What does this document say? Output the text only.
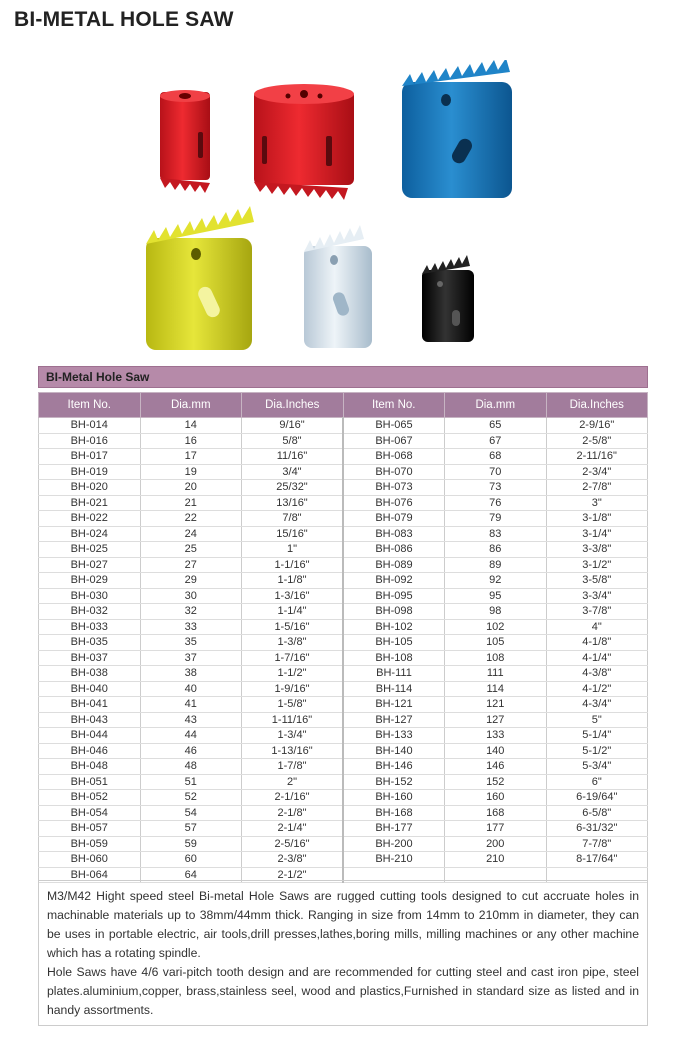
BI-METAL HOLE SAW
BI-Metal Hole Saw
Item No.	Dia.mm	Dia.Inches	Item No.	Dia.mm	Dia.Inches
BH-014	14	9/16"	BH-065	65	2-9/16"
BH-016	16	5/8"	BH-067	67	2-5/8"
BH-017	17	11/16"	BH-068	68	2-11/16"
BH-019	19	3/4"	BH-070	70	2-3/4"
BH-020	20	25/32"	BH-073	73	2-7/8"
BH-021	21	13/16"	BH-076	76	3"
BH-022	22	7/8"	BH-079	79	3-1/8"
BH-024	24	15/16"	BH-083	83	3-1/4"
BH-025	25	1"	BH-086	86	3-3/8"
BH-027	27	1-1/16"	BH-089	89	3-1/2"
BH-029	29	1-1/8"	BH-092	92	3-5/8"
BH-030	30	1-3/16"	BH-095	95	3-3/4"
BH-032	32	1-1/4"	BH-098	98	3-7/8"
BH-033	33	1-5/16"	BH-102	102	4"
BH-035	35	1-3/8"	BH-105	105	4-1/8"
BH-037	37	1-7/16"	BH-108	108	4-1/4"
BH-038	38	1-1/2"	BH-111	111	4-3/8"
BH-040	40	1-9/16"	BH-114	114	4-1/2"
BH-041	41	1-5/8"	BH-121	121	4-3/4"
BH-043	43	1-11/16"	BH-127	127	5"
BH-044	44	1-3/4"	BH-133	133	5-1/4"
BH-046	46	1-13/16"	BH-140	140	5-1/2"
BH-048	48	1-7/8"	BH-146	146	5-3/4"
BH-051	51	2"	BH-152	152	6"
BH-052	52	2-1/16"	BH-160	160	6-19/64"
BH-054	54	2-1/8"	BH-168	168	6-5/8"
BH-057	57	2-1/4"	BH-177	177	6-31/32"
BH-059	59	2-5/16"	BH-200	200	7-7/8"
BH-060	60	2-3/8"	BH-210	210	8-17/64"
BH-064	64	2-1/2"			

M3/M42 Hight speed steel Bi-metal Hole Saws are rugged cutting tools designed to cut accruate holes in machinable materials up to 38mm/44mm thick. Ranging in size from 14mm to 210mm in diameter, they can be uses in portable electric, air tools,drill presses,lathes,boring mills, milling machines or any other machine which has a rotating spindle.

Hole Saws have 4/6 vari-pitch tooth design and are recommended for cutting steel and cast iron pipe, steel plates.aluminium,copper, brass,stainless seel, wood and plastics,Furnished in standard size as listed and in handy assortments.
